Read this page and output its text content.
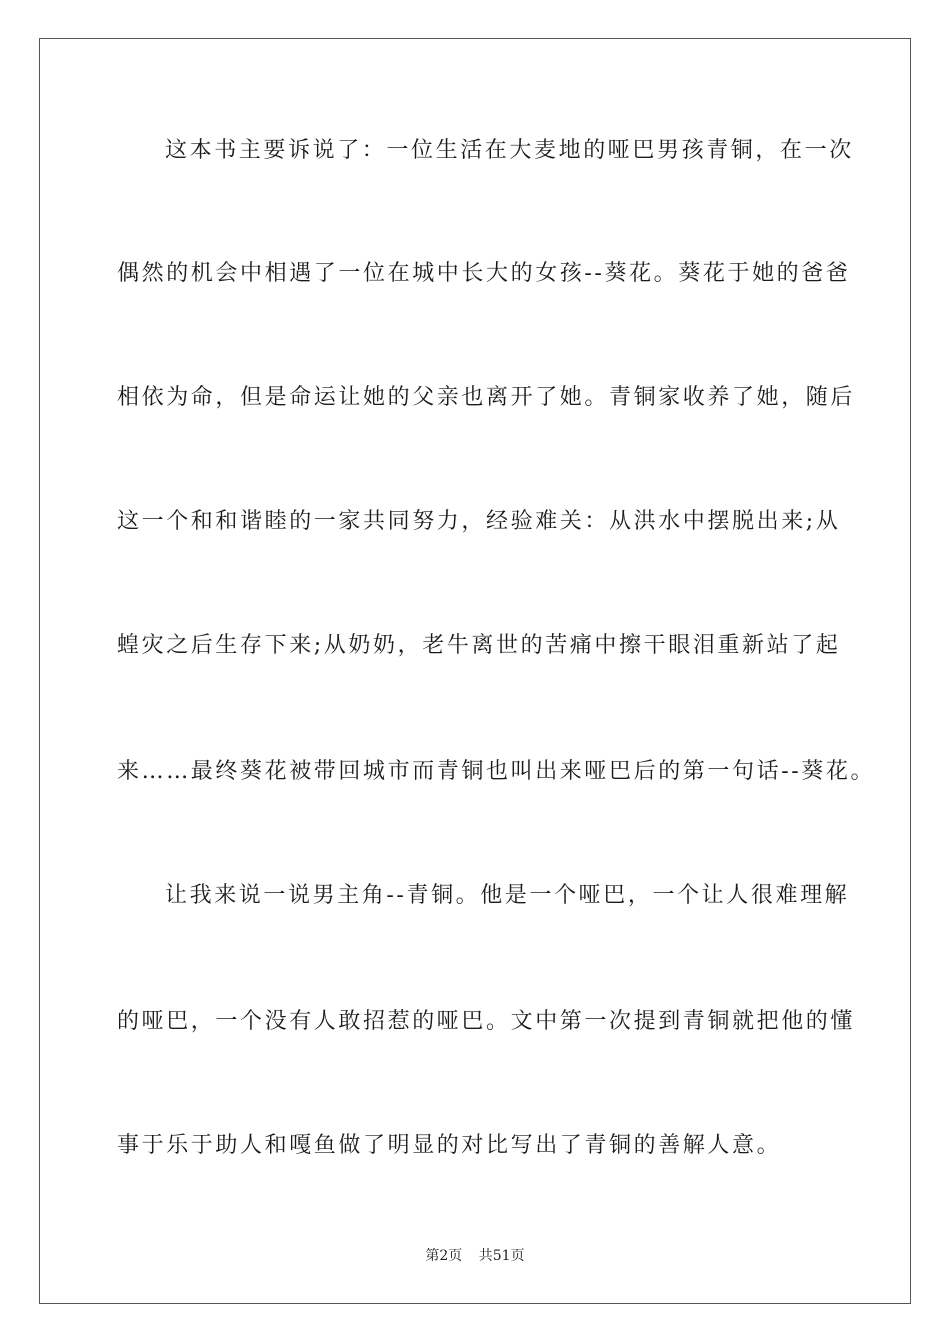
这本书主要诉说了：一位生活在大麦地的哑巴男孩青铜，在一次
偶然的机会中相遇了一位在城中长大的女孩--葵花。葵花于她的爸爸
相依为命，但是命运让她的父亲也离开了她。青铜家收养了她，随后
这一个和和谐睦的一家共同努力，经验难关：从洪水中摆脱出来;从
蝗灾之后生存下来;从奶奶，老牛离世的苦痛中擦干眼泪重新站了起
来……最终葵花被带回城市而青铜也叫出来哑巴后的第一句话--葵花。
让我来说一说男主角--青铜。他是一个哑巴，一个让人很难理解
的哑巴，一个没有人敢招惹的哑巴。文中第一次提到青铜就把他的懂
事于乐于助人和嘎鱼做了明显的对比写出了青铜的善解人意。
第2页 共51页
